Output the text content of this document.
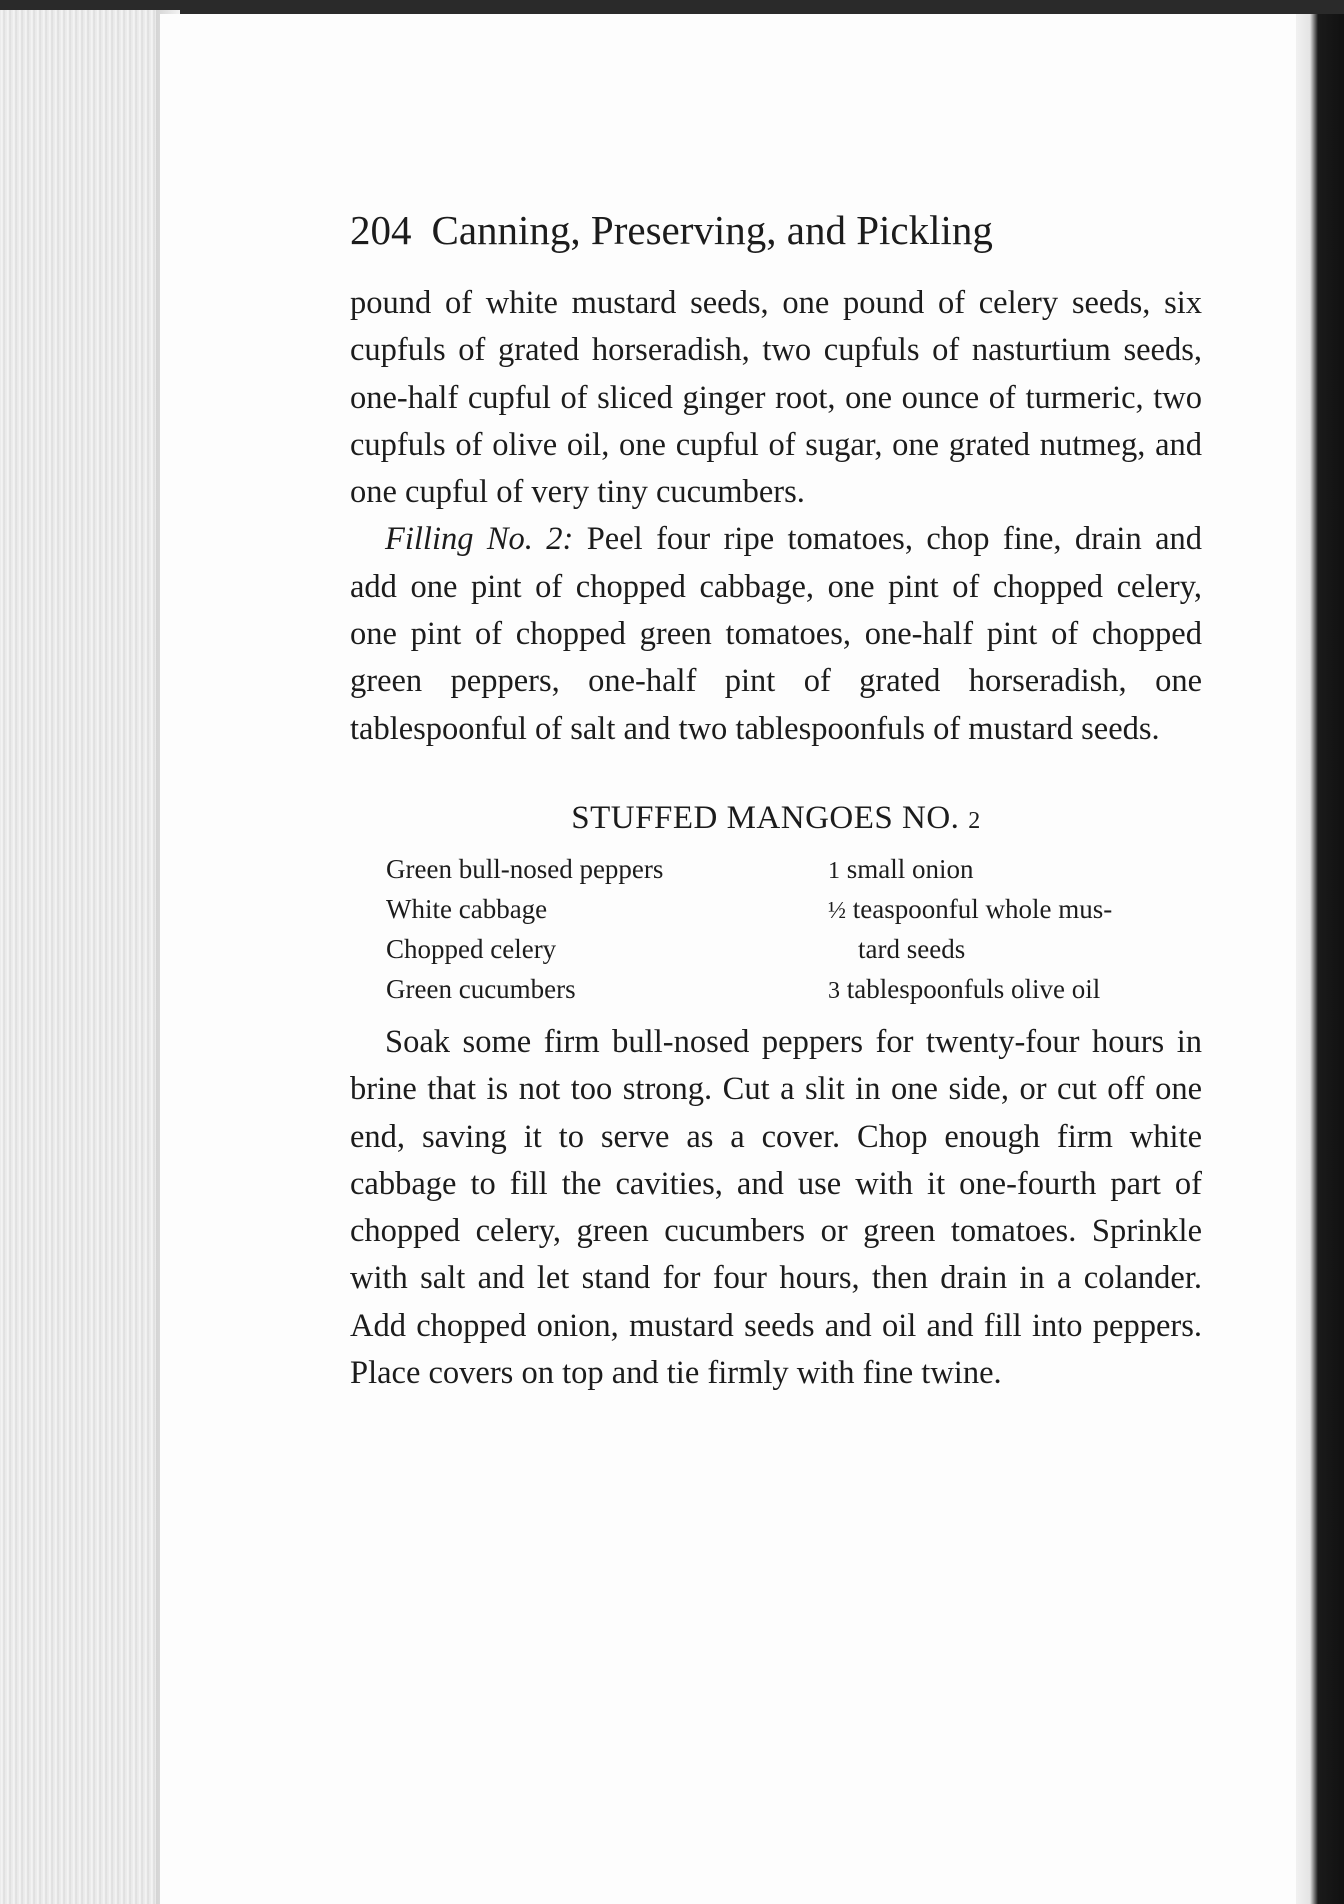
204 Canning, Preserving, and Pickling

pound of white mustard seeds, one pound of celery seeds, six cupfuls of grated horseradish, two cupfuls of nasturtium seeds, one-half cupful of sliced ginger root, one ounce of turmeric, two cupfuls of olive oil, one cupful of sugar, one grated nutmeg, and one cupful of very tiny cucumbers.

Filling No. 2: Peel four ripe tomatoes, chop fine, drain and add one pint of chopped cabbage, one pint of chopped celery, one pint of chopped green tomatoes, one-half pint of chopped green peppers, one-half pint of grated horseradish, one tablespoonful of salt and two tablespoonfuls of mustard seeds.

STUFFED MANGOES NO. 2
Green bull-nosed peppers
White cabbage
Chopped celery
Green cucumbers
1 small onion
½ teaspoonful whole mus-
tard seeds
3 tablespoonfuls olive oil

Soak some firm bull-nosed peppers for twenty-four hours in brine that is not too strong. Cut a slit in one side, or cut off one end, saving it to serve as a cover. Chop enough firm white cabbage to fill the cavities, and use with it one-fourth part of chopped celery, green cucumbers or green tomatoes. Sprinkle with salt and let stand for four hours, then drain in a colander. Add chopped onion, mustard seeds and oil and fill into peppers. Place covers on top and tie firmly with fine twine.
